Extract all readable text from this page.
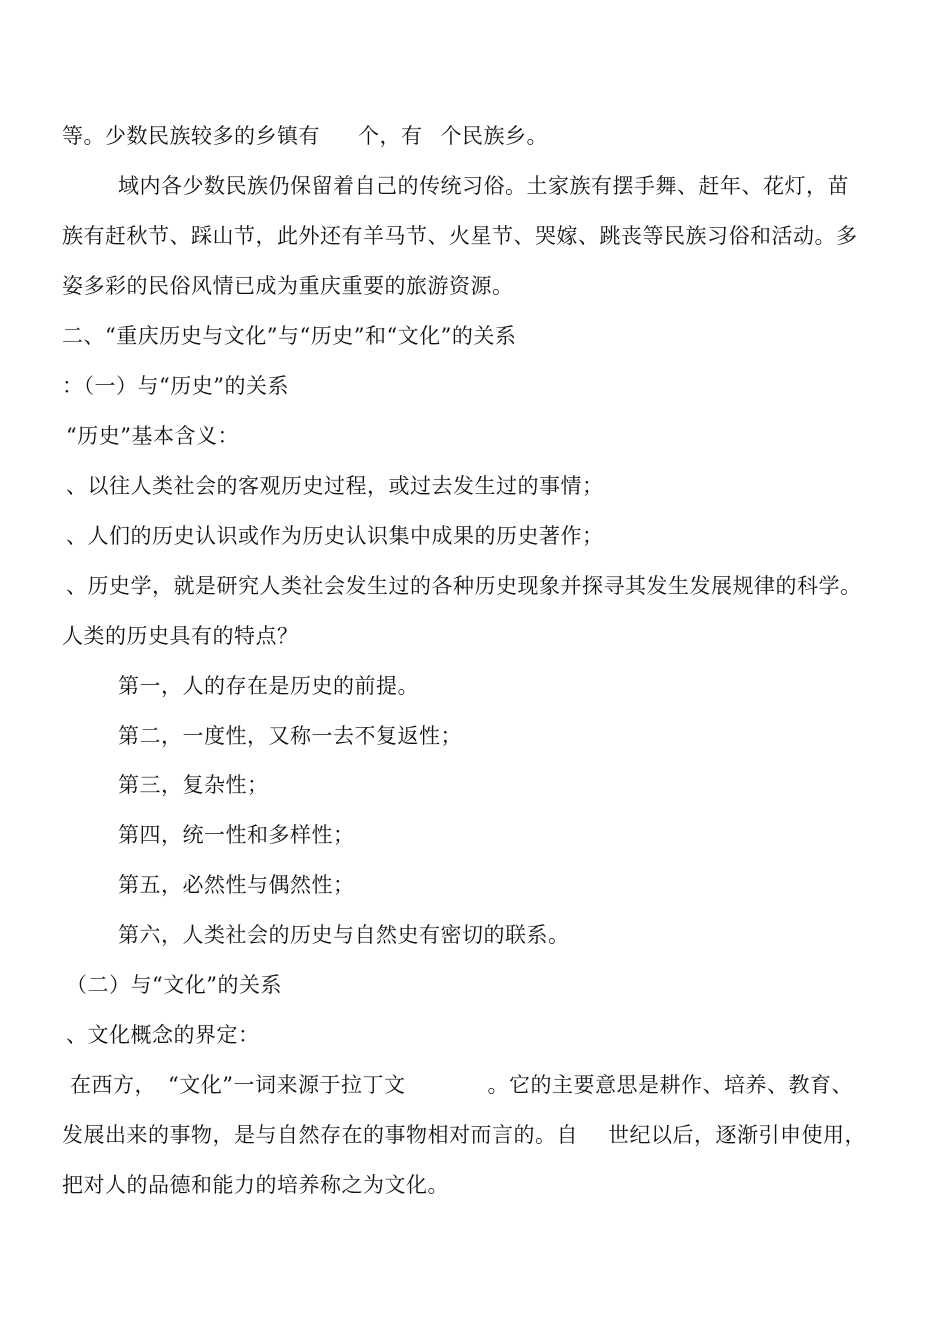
等。少数民族较多的乡镇有 个，有 个民族乡。
域内各少数民族仍保留着自己的传统习俗。土家族有摆手舞、赶年、花灯，苗
族有赶秋节、踩山节，此外还有羊马节、火星节、哭嫁、跳丧等民族习俗和活动。多
姿多彩的民俗风情已成为重庆重要的旅游资源。
二、“重庆历史与文化”与“历史”和“文化”的关系
：（一）与“历史”的关系
“历史”基本含义：
、以往人类社会的客观历史过程，或过去发生过的事情；
、人们的历史认识或作为历史认识集中成果的历史著作；
、历史学，就是研究人类社会发生过的各种历史现象并探寻其发生发展规律的科学。
人类的历史具有的特点？
第一，人的存在是历史的前提。
第二，一度性，又称一去不复返性；
第三，复杂性；
第四，统一性和多样性；
第五，必然性与偶然性；
第六，人类社会的历史与自然史有密切的联系。
（二）与“文化”的关系
、文化概念的界定：
在西方， “文化”一词来源于拉丁文	。它的主要意思是耕作、培养、教育、
发展出来的事物，是与自然存在的事物相对而言的。自 世纪以后，逐渐引申使用，
把对人的品德和能力的培养称之为文化。
